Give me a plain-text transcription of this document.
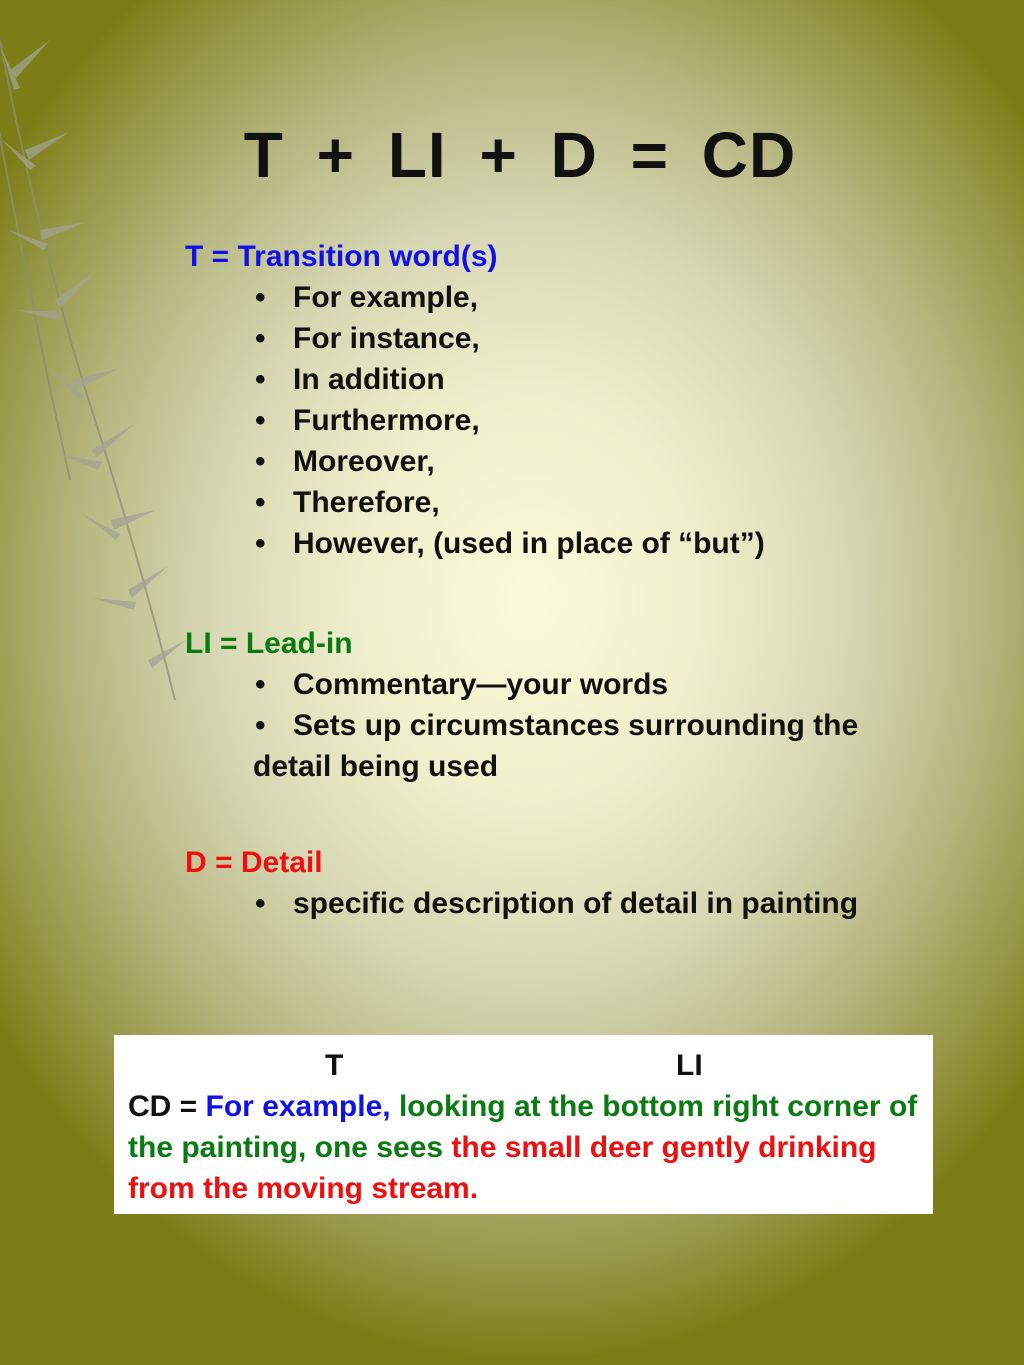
T + LI + D = CD
T = Transition word(s)
• For example,
• For instance,
• In addition
• Furthermore,
• Moreover,
• Therefore,
• However, (used in place of “but”)
LI = Lead-in
• Commentary—your words
• Sets up circumstances surrounding the detail being used
D = Detail
• specific description of detail in painting
T	LI
CD = For example, looking at the bottom right corner of the painting, one sees the small deer gently drinking from the moving stream.
